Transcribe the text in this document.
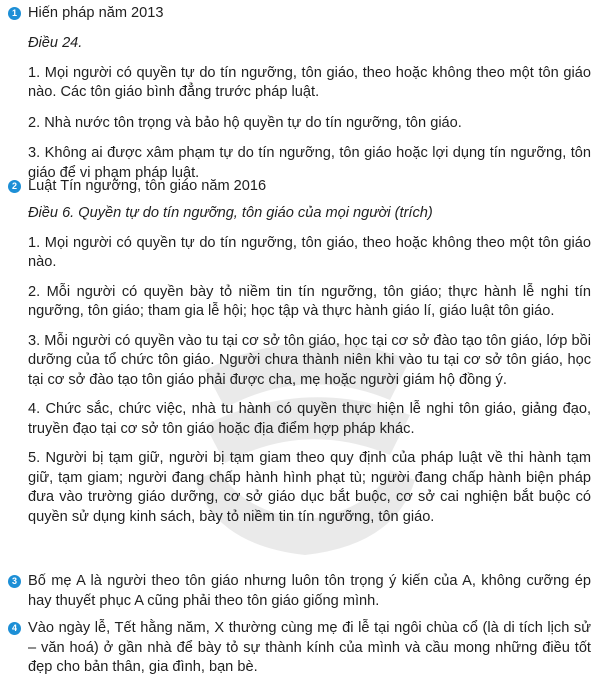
1 Hiến pháp năm 2013

Điều 24.

1. Mọi người có quyền tự do tín ngưỡng, tôn giáo, theo hoặc không theo một tôn giáo nào. Các tôn giáo bình đẳng trước pháp luật.

2. Nhà nước tôn trọng và bảo hộ quyền tự do tín ngưỡng, tôn giáo.

3. Không ai được xâm phạm tự do tín ngưỡng, tôn giáo hoặc lợi dụng tín ngưỡng, tôn giáo để vi phạm pháp luật.

2 Luật Tín ngưỡng, tôn giáo năm 2016

Điều 6. Quyền tự do tín ngưỡng, tôn giáo của mọi người (trích)

1. Mọi người có quyền tự do tín ngưỡng, tôn giáo, theo hoặc không theo một tôn giáo nào.

2. Mỗi người có quyền bày tỏ niềm tin tín ngưỡng, tôn giáo; thực hành lễ nghi tín ngưỡng, tôn giáo; tham gia lễ hội; học tập và thực hành giáo lí, giáo luật tôn giáo.

3. Mỗi người có quyền vào tu tại cơ sở tôn giáo, học tại cơ sở đào tạo tôn giáo, lớp bồi dưỡng của tổ chức tôn giáo. Người chưa thành niên khi vào tu tại cơ sở tôn giáo, học tại cơ sở đào tạo tôn giáo phải được cha, mẹ hoặc người giám hộ đồng ý.

4. Chức sắc, chức việc, nhà tu hành có quyền thực hiện lễ nghi tôn giáo, giảng đạo, truyền đạo tại cơ sở tôn giáo hoặc địa điểm hợp pháp khác.

5. Người bị tạm giữ, người bị tạm giam theo quy định của pháp luật về thi hành tạm giữ, tạm giam; người đang chấp hành hình phạt tù; người đang chấp hành biện pháp đưa vào trường giáo dưỡng, cơ sở giáo dục bắt buộc, cơ sở cai nghiện bắt buộc có quyền sử dụng kinh sách, bày tỏ niềm tin tín ngưỡng, tôn giáo.

3 Bố mẹ A là người theo tôn giáo nhưng luôn tôn trọng ý kiến của A, không cưỡng ép hay thuyết phục A cũng phải theo tôn giáo giống mình.

4 Vào ngày lễ, Tết hằng năm, X thường cùng mẹ đi lễ tại ngôi chùa cổ (là di tích lịch sử – văn hoá) ở gần nhà để bày tỏ sự thành kính của mình và cầu mong những điều tốt đẹp cho bản thân, gia đình, bạn bè.
